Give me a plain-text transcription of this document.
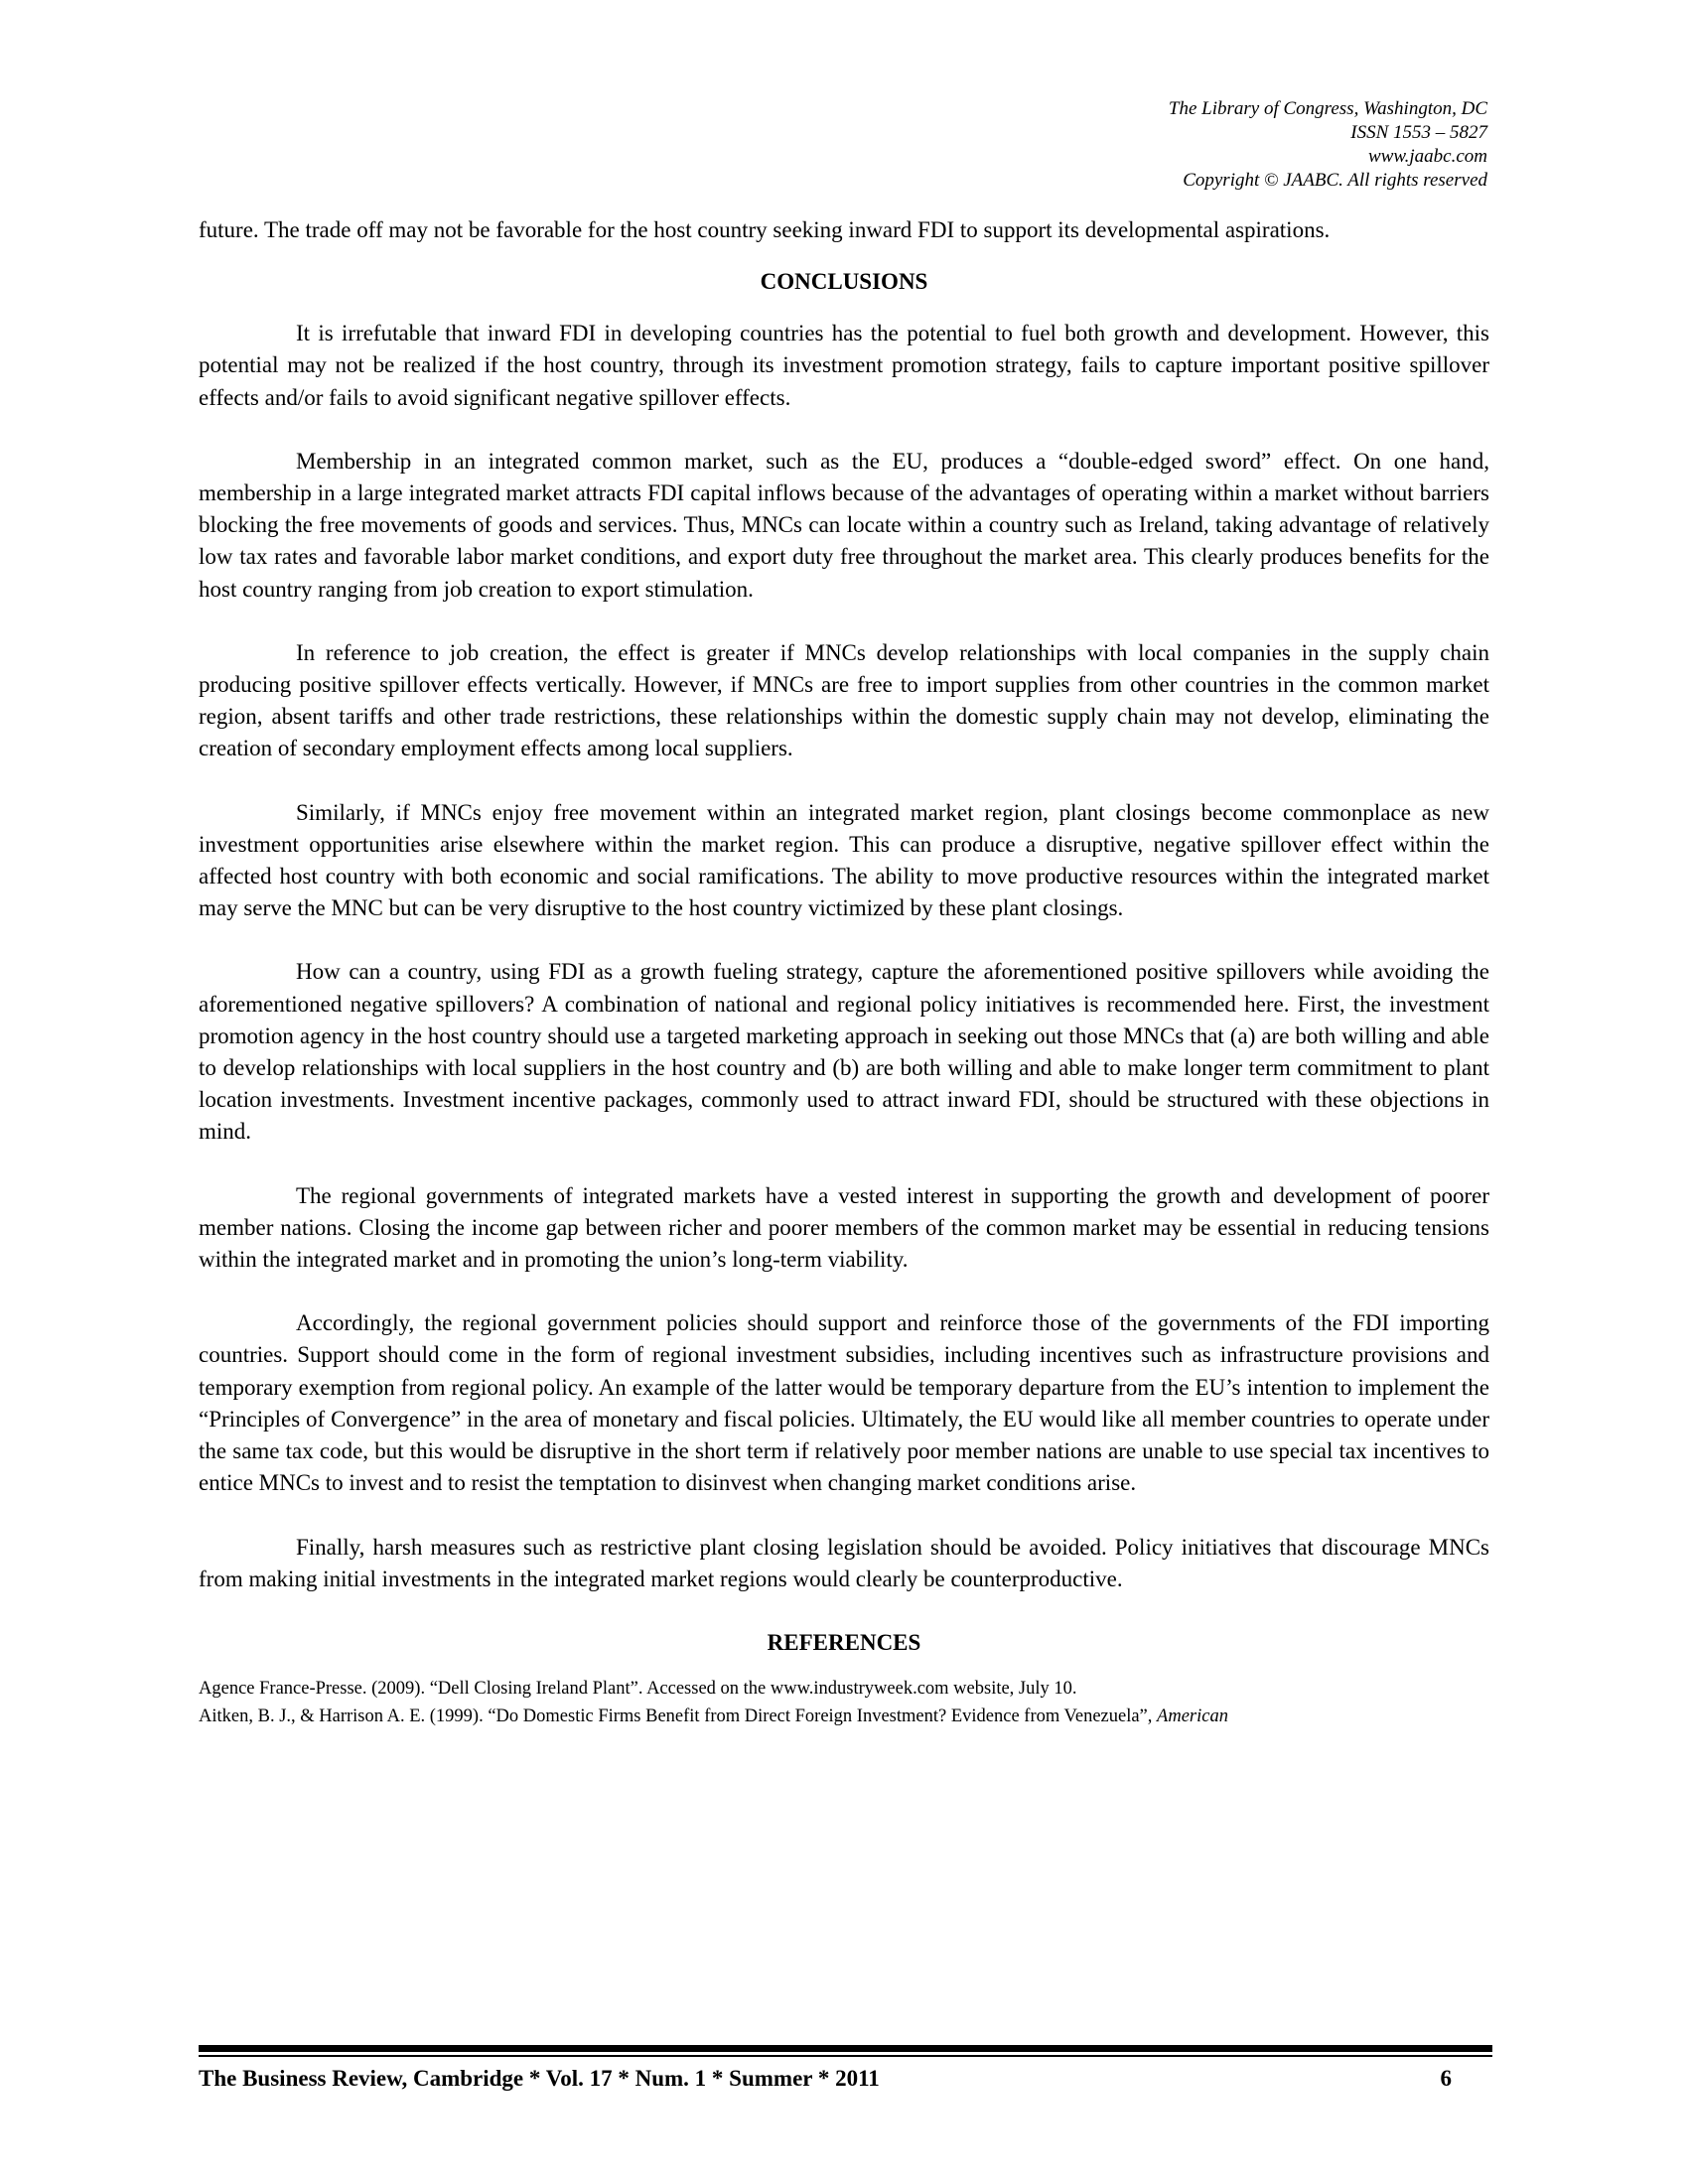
The Library of Congress, Washington, DC
ISSN 1553 – 5827
www.jaabc.com
Copyright © JAABC. All rights reserved

future. The trade off may not be favorable for the host country seeking inward FDI to support its developmental aspirations.

CONCLUSIONS

It is irrefutable that inward FDI in developing countries has the potential to fuel both growth and development. However, this potential may not be realized if the host country, through its investment promotion strategy, fails to capture important positive spillover effects and/or fails to avoid significant negative spillover effects.

Membership in an integrated common market, such as the EU, produces a “double-edged sword” effect. On one hand, membership in a large integrated market attracts FDI capital inflows because of the advantages of operating within a market without barriers blocking the free movements of goods and services. Thus, MNCs can locate within a country such as Ireland, taking advantage of relatively low tax rates and favorable labor market conditions, and export duty free throughout the market area. This clearly produces benefits for the host country ranging from job creation to export stimulation.

In reference to job creation, the effect is greater if MNCs develop relationships with local companies in the supply chain producing positive spillover effects vertically. However, if MNCs are free to import supplies from other countries in the common market region, absent tariffs and other trade restrictions, these relationships within the domestic supply chain may not develop, eliminating the creation of secondary employment effects among local suppliers.

Similarly, if MNCs enjoy free movement within an integrated market region, plant closings become commonplace as new investment opportunities arise elsewhere within the market region. This can produce a disruptive, negative spillover effect within the affected host country with both economic and social ramifications. The ability to move productive resources within the integrated market may serve the MNC but can be very disruptive to the host country victimized by these plant closings.

How can a country, using FDI as a growth fueling strategy, capture the aforementioned positive spillovers while avoiding the aforementioned negative spillovers? A combination of national and regional policy initiatives is recommended here. First, the investment promotion agency in the host country should use a targeted marketing approach in seeking out those MNCs that (a) are both willing and able to develop relationships with local suppliers in the host country and (b) are both willing and able to make longer term commitment to plant location investments. Investment incentive packages, commonly used to attract inward FDI, should be structured with these objections in mind.

The regional governments of integrated markets have a vested interest in supporting the growth and development of poorer member nations. Closing the income gap between richer and poorer members of the common market may be essential in reducing tensions within the integrated market and in promoting the union’s long-term viability.

Accordingly, the regional government policies should support and reinforce those of the governments of the FDI importing countries. Support should come in the form of regional investment subsidies, including incentives such as infrastructure provisions and temporary exemption from regional policy. An example of the latter would be temporary departure from the EU’s intention to implement the “Principles of Convergence” in the area of monetary and fiscal policies. Ultimately, the EU would like all member countries to operate under the same tax code, but this would be disruptive in the short term if relatively poor member nations are unable to use special tax incentives to entice MNCs to invest and to resist the temptation to disinvest when changing market conditions arise.

Finally, harsh measures such as restrictive plant closing legislation should be avoided. Policy initiatives that discourage MNCs from making initial investments in the integrated market regions would clearly be counterproductive.

REFERENCES
Agence France-Presse. (2009). “Dell Closing Ireland Plant”. Accessed on the www.industryweek.com website, July 10.
Aitken, B. J., & Harrison A. E. (1999). “Do Domestic Firms Benefit from Direct Foreign Investment? Evidence from Venezuela”, American
The Business Review, Cambridge * Vol. 17 * Num. 1 * Summer * 2011	6
